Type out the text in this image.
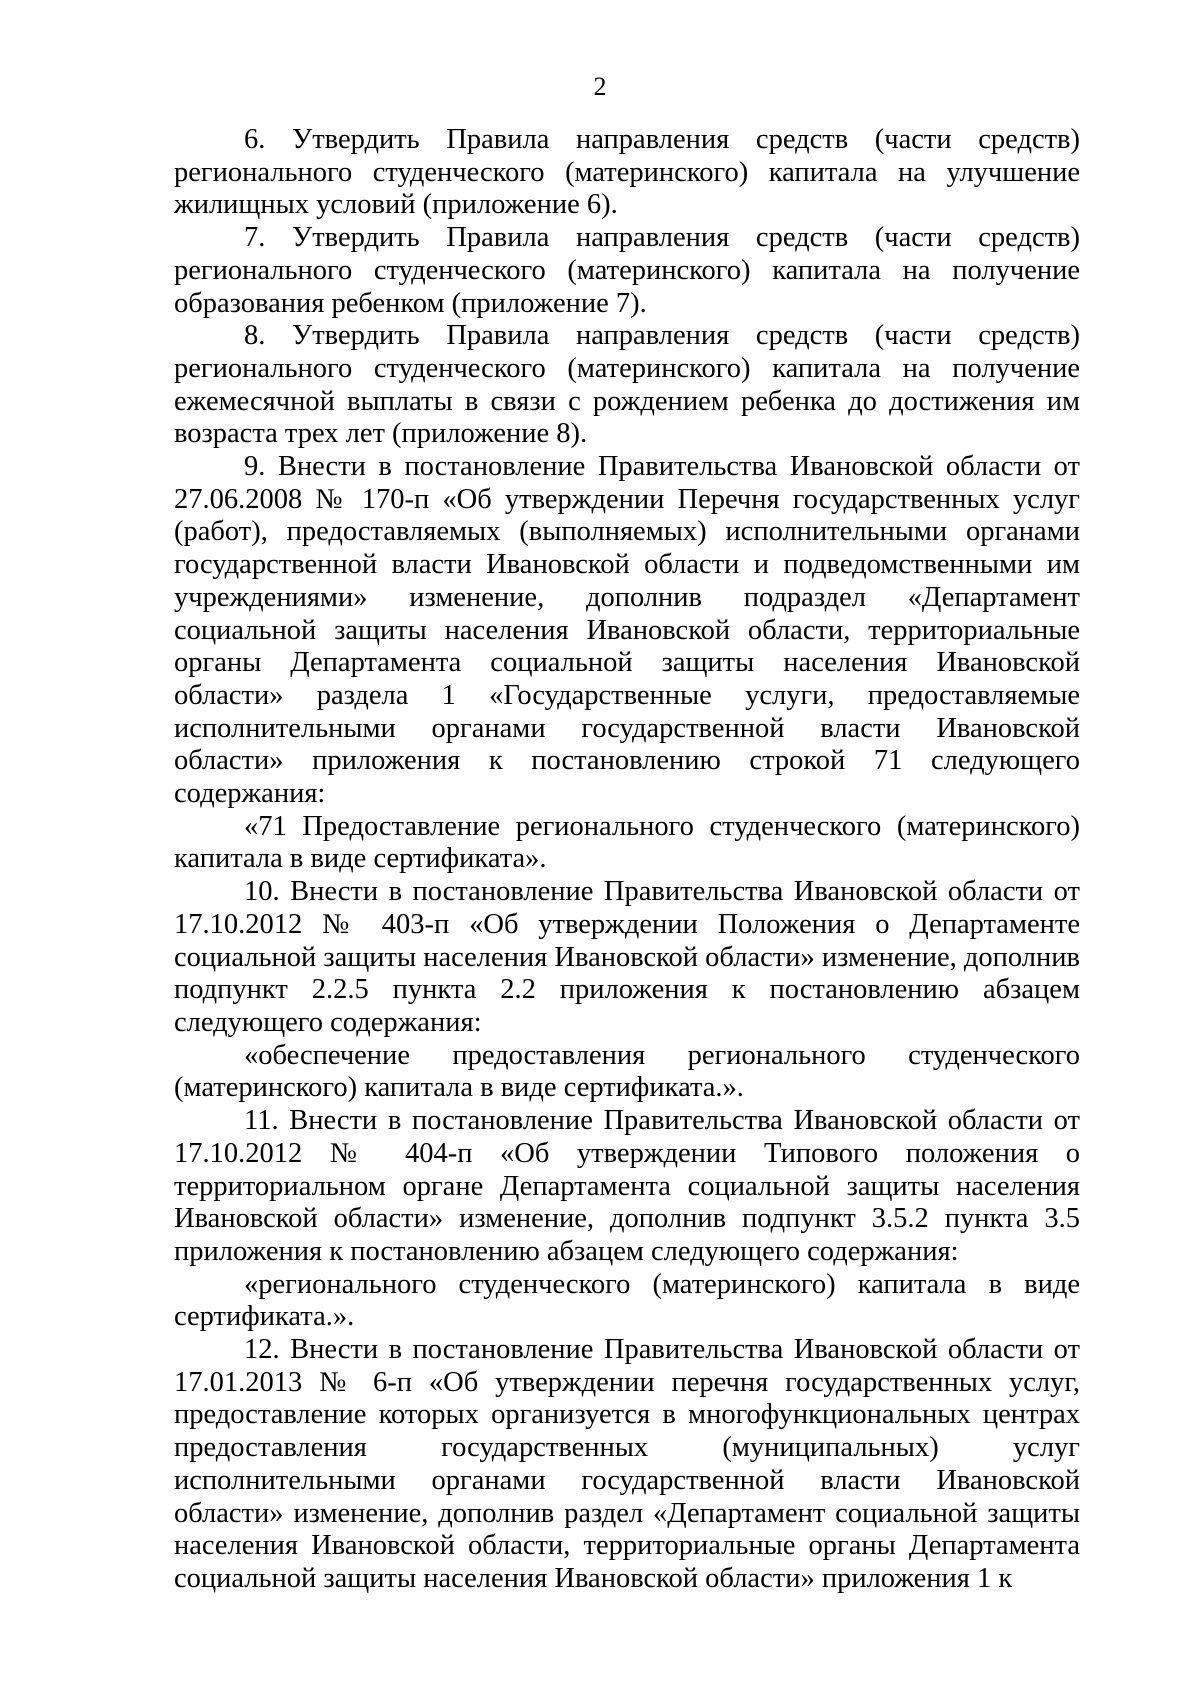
2

6. Утвердить Правила направления средств (части средств) регионального студенческого (материнского) капитала на улучшение жилищных условий (приложение 6).

7. Утвердить Правила направления средств (части средств) регионального студенческого (материнского) капитала на получение образования ребенком (приложение 7).

8. Утвердить Правила направления средств (части средств) регионального студенческого (материнского) капитала на получение ежемесячной выплаты в связи с рождением ребенка до достижения им возраста трех лет (приложение 8).

9. Внести в постановление Правительства Ивановской области от 27.06.2008 № 170-п «Об утверждении Перечня государственных услуг (работ), предоставляемых (выполняемых) исполнительными органами государственной власти Ивановской области и подведомственными им учреждениями» изменение, дополнив подраздел «Департамент социальной защиты населения Ивановской области, территориальные органы Департамента социальной защиты населения Ивановской области» раздела 1 «Государственные услуги, предоставляемые исполнительными органами государственной власти Ивановской области» приложения к постановлению строкой 71 следующего содержания:

«71 Предоставление регионального студенческого (материнского) капитала в виде сертификата».

10. Внести в постановление Правительства Ивановской области от 17.10.2012 № 403-п «Об утверждении Положения о Департаменте социальной защиты населения Ивановской области» изменение, дополнив подпункт 2.2.5 пункта 2.2 приложения к постановлению абзацем следующего содержания:

«обеспечение предоставления регионального студенческого (материнского) капитала в виде сертификата.».

11. Внести в постановление Правительства Ивановской области от 17.10.2012 № 404-п «Об утверждении Типового положения о территориальном органе Департамента социальной защиты населения Ивановской области» изменение, дополнив подпункт 3.5.2 пункта 3.5 приложения к постановлению абзацем следующего содержания:

«регионального студенческого (материнского) капитала в виде сертификата.».

12. Внести в постановление Правительства Ивановской области от 17.01.2013 № 6-п «Об утверждении перечня государственных услуг, предоставление которых организуется в многофункциональных центрах предоставления государственных (муниципальных) услуг исполнительными органами государственной власти Ивановской области» изменение, дополнив раздел «Департамент социальной защиты населения Ивановской области, территориальные органы Департамента социальной защиты населения Ивановской области» приложения 1 к
